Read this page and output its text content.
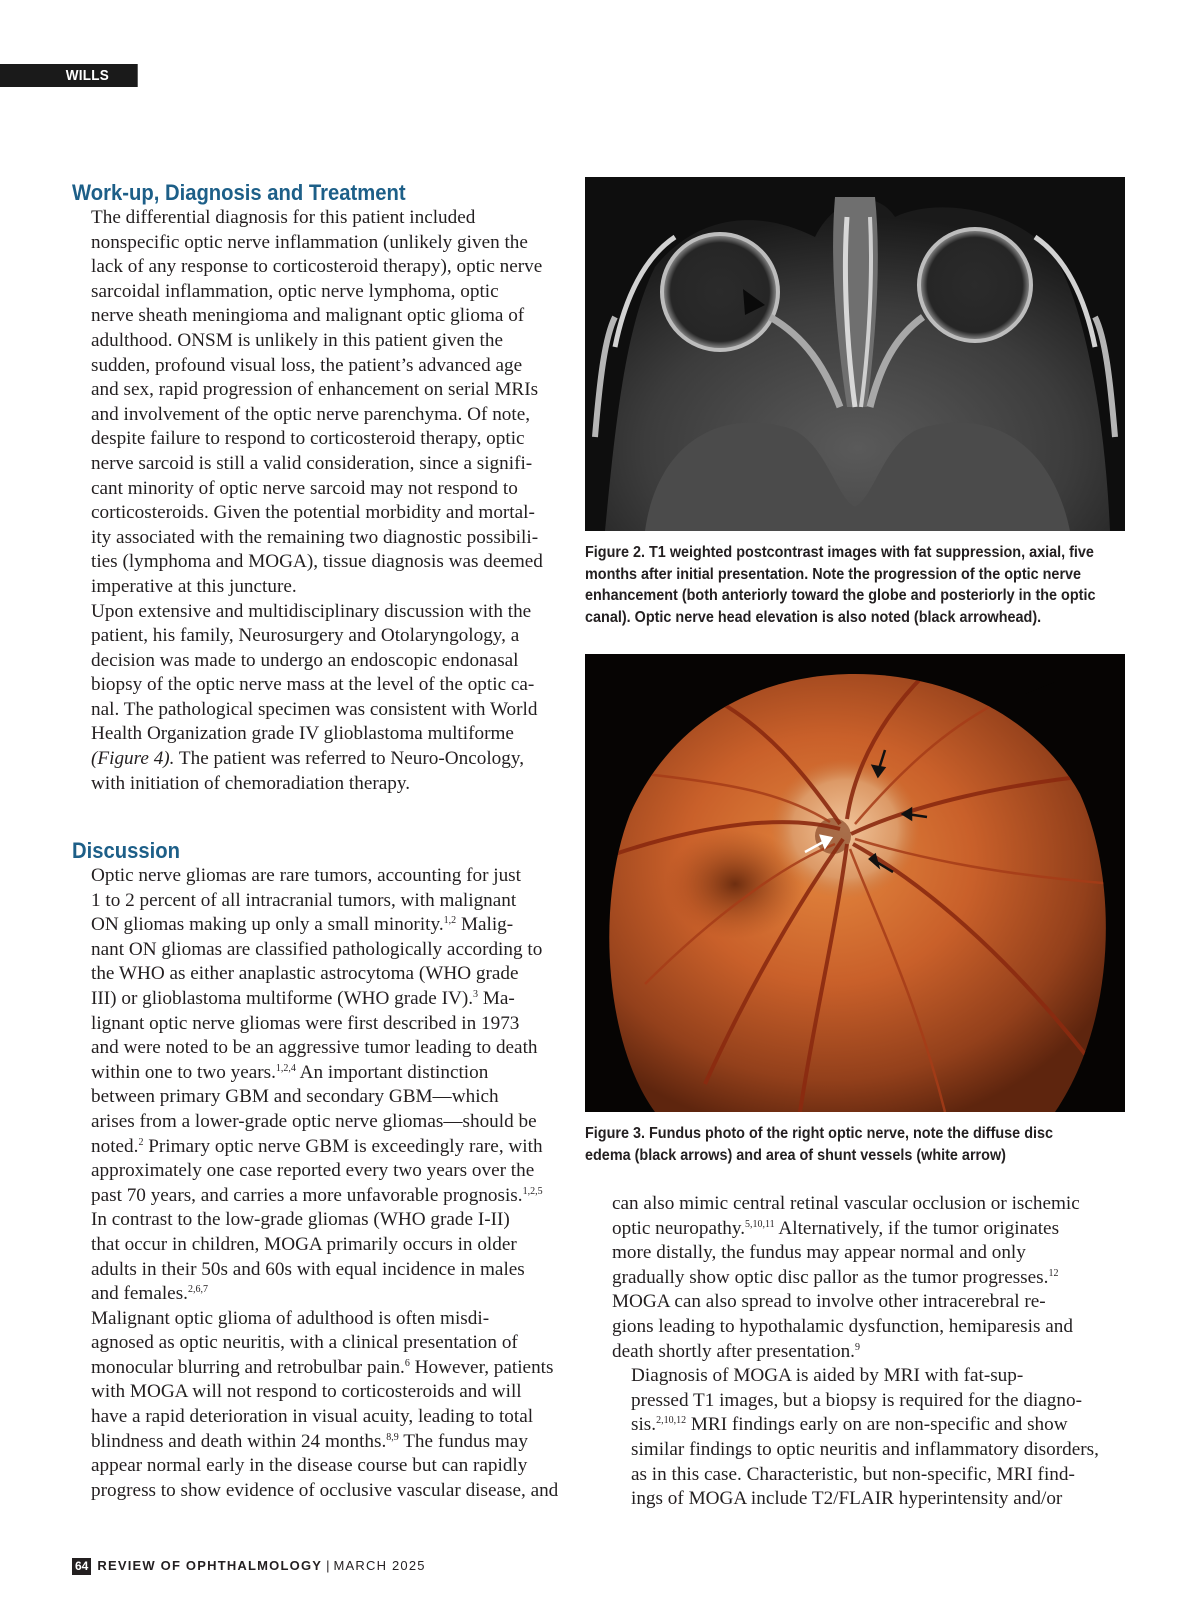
WILLS EYE
Work-up, Diagnosis and Treatment

The differential diagnosis for this patient included
nonspecific optic nerve inflammation (unlikely given the
lack of any response to corticosteroid therapy), optic nerve
sarcoidal inflammation, optic nerve lymphoma, optic
nerve sheath meningioma and malignant optic glioma of
adulthood. ONSM is unlikely in this patient given the
sudden, profound visual loss, the patient’s advanced age
and sex, rapid progression of enhancement on serial MRIs
and involvement of the optic nerve parenchyma. Of note,
despite failure to respond to corticosteroid therapy, optic
nerve sarcoid is still a valid consideration, since a signifi-
cant minority of optic nerve sarcoid may not respond to
corticosteroids. Given the potential morbidity and mortal-
ity associated with the remaining two diagnostic possibili-
ties (lymphoma and MOGA), tissue diagnosis was deemed
imperative at this juncture.

Upon extensive and multidisciplinary discussion with the
patient, his family, Neurosurgery and Otolaryngology, a
decision was made to undergo an endoscopic endonasal
biopsy of the optic nerve mass at the level of the optic ca-
nal. The pathological specimen was consistent with World
Health Organization grade IV glioblastoma multiforme
(Figure 4). The patient was referred to Neuro-Oncology,
with initiation of chemoradiation therapy.

Discussion

Optic nerve gliomas are rare tumors, accounting for just
1 to 2 percent of all intracranial tumors, with malignant
ON gliomas making up only a small minority.$^{1,2}$ Malig-
nant ON gliomas are classified pathologically according to
the WHO as either anaplastic astrocytoma (WHO grade
III) or glioblastoma multiforme (WHO grade IV).$^3$ Ma-
lignant optic nerve gliomas were first described in 1973
and were noted to be an aggressive tumor leading to death
within one to two years.$^{1,2,4}$ An important distinction
between primary GBM and secondary GBM—which
arises from a lower-grade optic nerve gliomas—should be
noted.$^2$ Primary optic nerve GBM is exceedingly rare, with
approximately one case reported every two years over the
past 70 years, and carries a more unfavorable prognosis.$^{1,2,5}$
In contrast to the low-grade gliomas (WHO grade I-II)
that occur in children, MOGA primarily occurs in older
adults in their 50s and 60s with equal incidence in males
and females.$^{2,6,7}$

Malignant optic glioma of adulthood is often misdi-
agnosed as optic neuritis, with a clinical presentation of
monocular blurring and retrobulbar pain.$^6$ However, patients
with MOGA will not respond to corticosteroids and will
have a rapid deterioration in visual acuity, leading to total
blindness and death within 24 months.$^{8,9}$ The fundus may
appear normal early in the disease course but can rapidly
progress to show evidence of occlusive vascular disease, and

Figure 2. T1 weighted postcontrast images with fat suppression, axial, five
months after initial presentation. Note the progression of the optic nerve
enhancement (both anteriorly toward the globe and posteriorly in the optic
canal). Optic nerve head elevation is also noted (black arrowhead).
Figure 3. Fundus photo of the right optic nerve, note the diffuse disc
edema (black arrows) and area of shunt vessels (white arrow)

can also mimic central retinal vascular occlusion or ischemic
optic neuropathy.$^{5,10,11}$ Alternatively, if the tumor originates
more distally, the fundus may appear normal and only
gradually show optic disc pallor as the tumor progresses.$^{12}$
MOGA can also spread to involve other intracerebral re-
gions leading to hypothalamic dysfunction, hemiparesis and
death shortly after presentation.$^9$

Diagnosis of MOGA is aided by MRI with fat-sup-
pressed T1 images, but a biopsy is required for the diagno-
sis.$^{2,10,12}$ MRI findings early on are non-specific and show
similar findings to optic neuritis and inflammatory disorders,
as in this case. Characteristic, but non-specific, MRI find-
ings of MOGA include T2/FLAIR hyperintensity and/or

64 REVIEW OF OPHTHALMOLOGY | MARCH 2025
